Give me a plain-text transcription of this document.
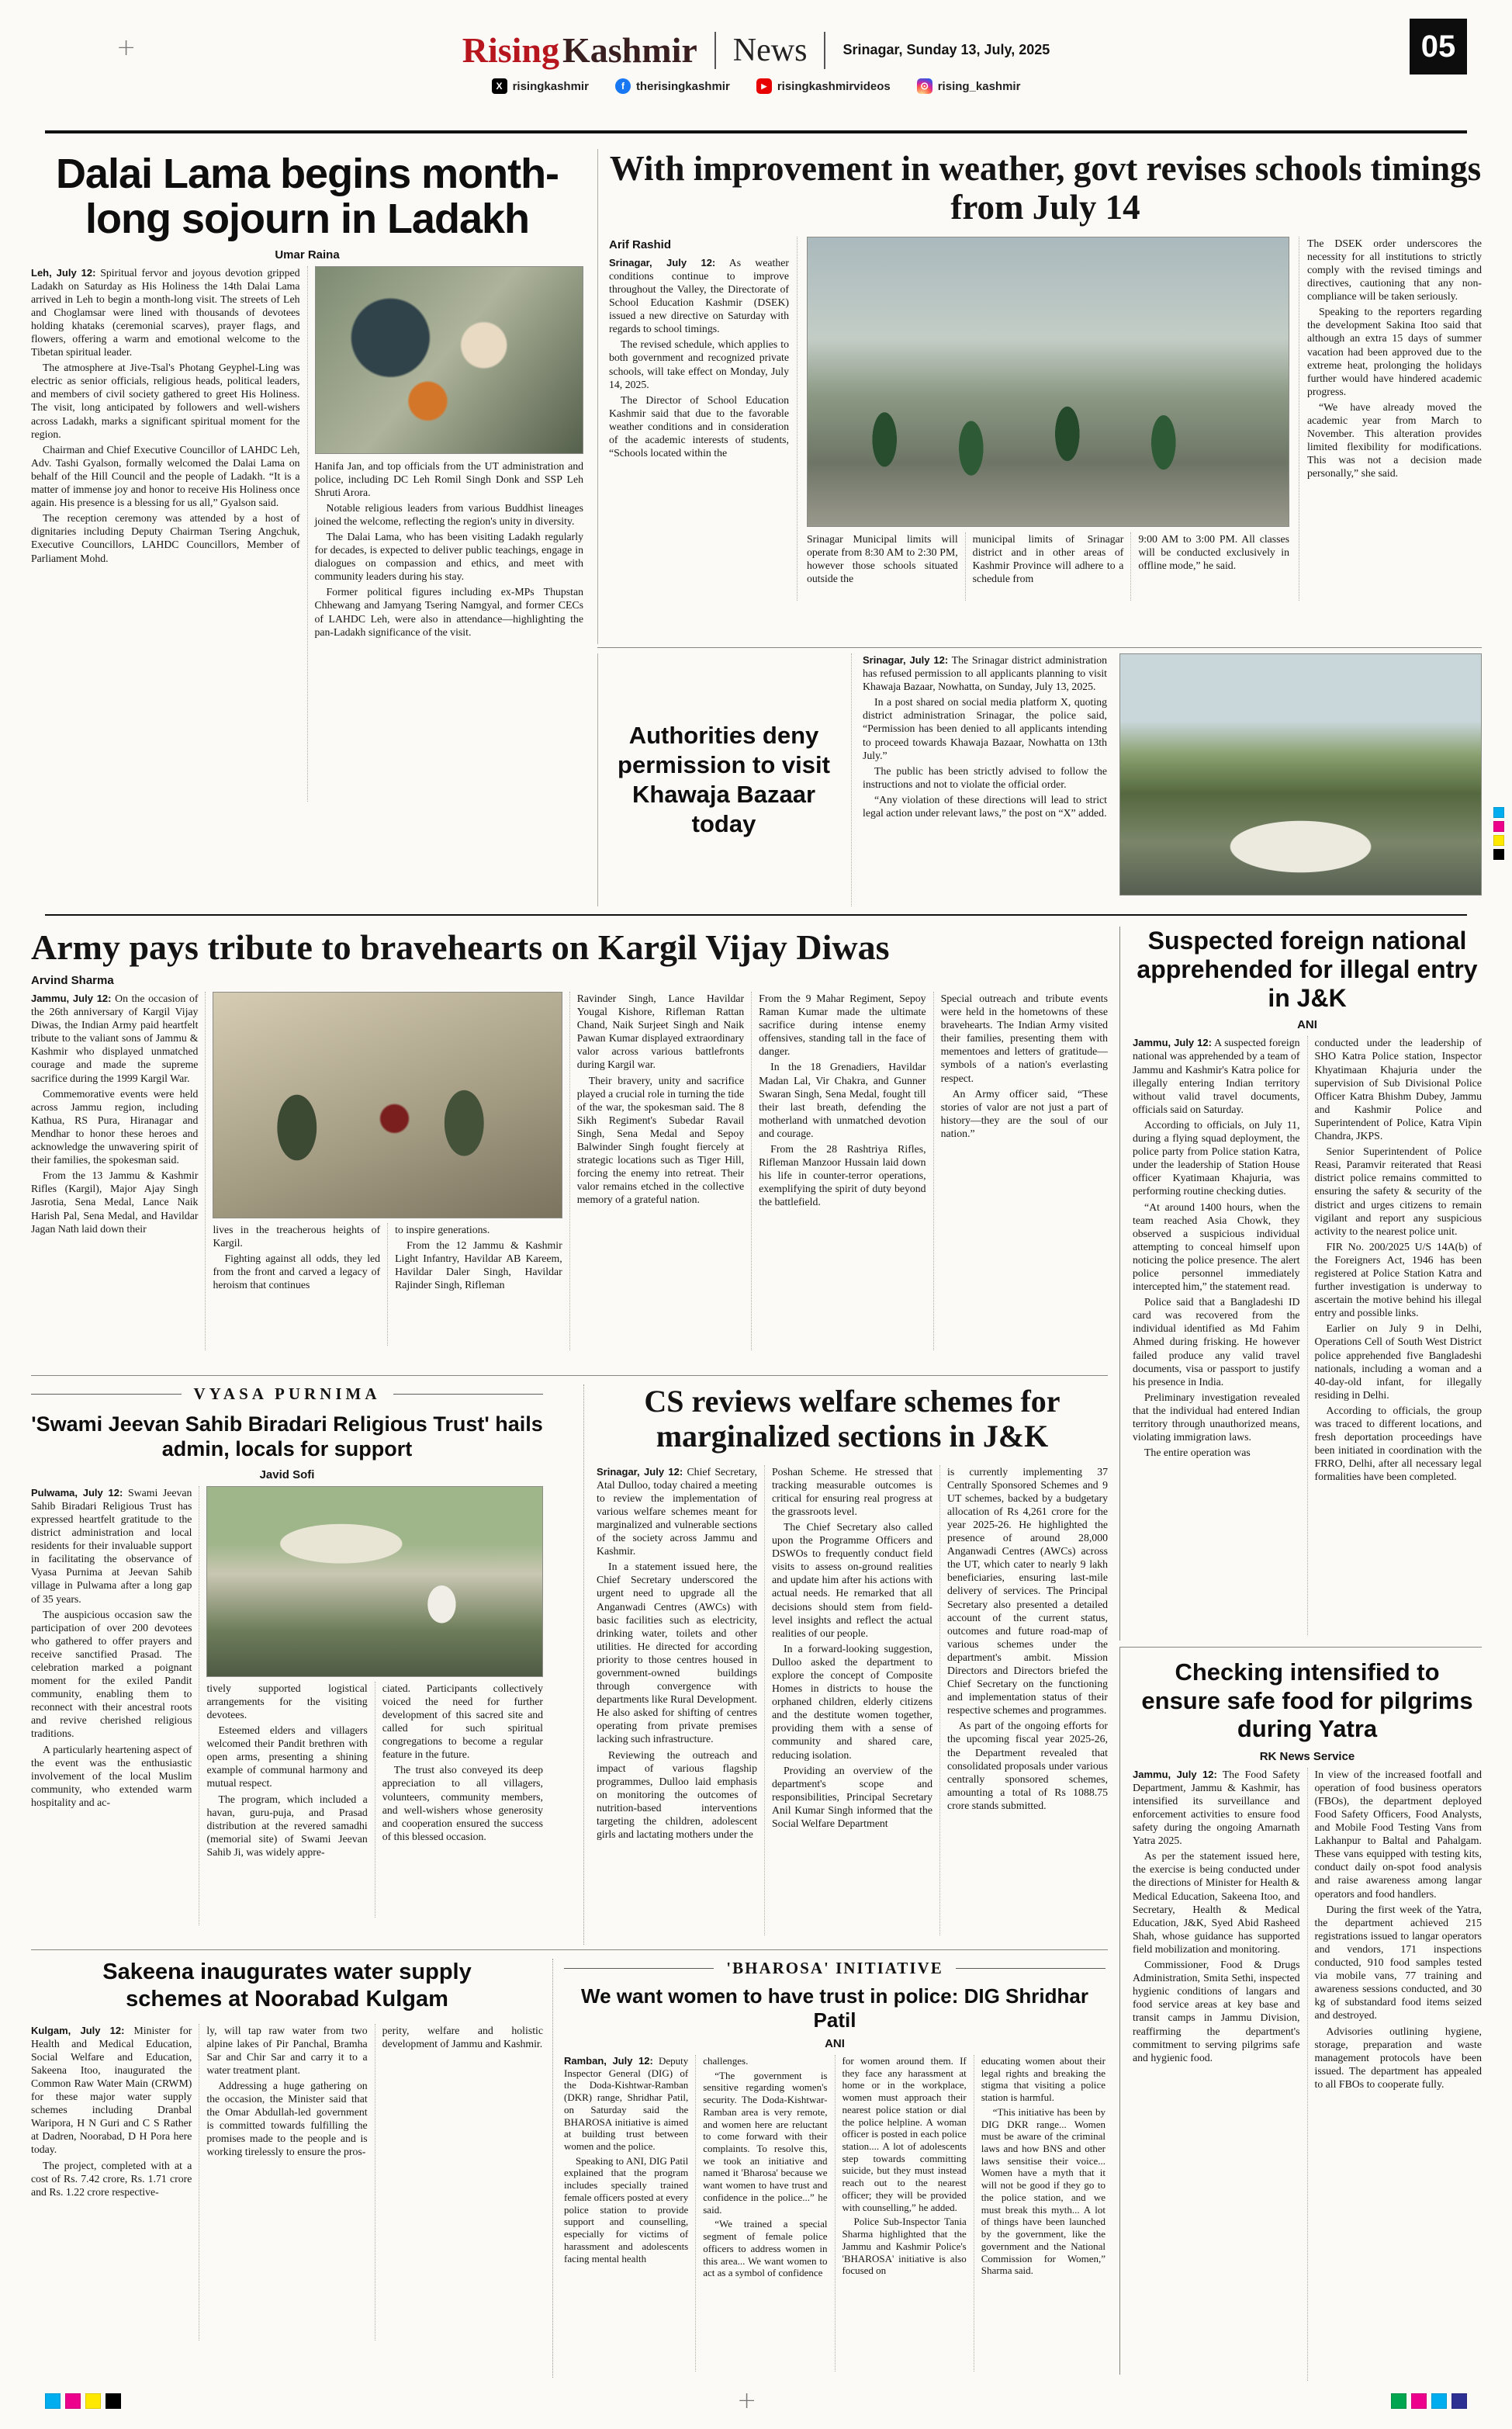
+	Rising Kashmir News	Srinagar, Sunday 13, July, 2025
X risingkashmir	f	therisingkashmir	▶ risingkashmirvideos	⊙ rising_kashmir
05
Dalai Lama begins month-long sojourn in Ladakh
Umar Raina

Leh, July 12: Spiritual fervor and joyous devotion gripped Ladakh on Saturday as His Holiness the 14th Dalai Lama arrived in Leh to begin a month-long visit. The streets of Leh and Choglamsar were lined with thousands of devotees holding khataks (ceremonial scarves), prayer flags, and flowers, offering a warm and emotional welcome to the Tibetan spiritual leader.

The atmosphere at Jive-Tsal's Photang Geyphel-Ling was electric as senior officials, religious heads, political leaders, and members of civil society gathered to greet His Holiness. The visit, long anticipated by followers and well-wishers across Ladakh, marks a significant spiritual moment for the region.

Chairman and Chief Executive Councillor of LAHDC Leh, Adv. Tashi Gyalson, formally welcomed the Dalai Lama on behalf of the Hill Council and the people of Ladakh. “It is a matter of immense joy and honor to receive His Holiness once again. His presence is a blessing for us all,” Gyalson said.

The reception ceremony was attended by a host of dignitaries including Deputy Chairman Tsering Angchuk, Executive Councillors, LAHDC Councillors, Member of Parliament Mohd.

Hanifa Jan, and top officials from the UT administration and police, including DC Leh Romil Singh Donk and SSP Leh Shruti Arora.

Notable religious leaders from various Buddhist lineages joined the welcome, reflecting the region's unity in diversity.

The Dalai Lama, who has been visiting Ladakh regularly for decades, is expected to deliver public teachings, engage in dialogues on compassion and ethics, and meet with community leaders during his stay.

Former political figures including ex-MPs Thupstan Chhewang and Jamyang Tsering Namgyal, and former CECs of LAHDC Leh, were also in attendance—highlighting the pan-Ladakh significance of the visit.

With improvement in weather, govt revises schools timings from July 14
Arif Rashid

Srinagar, July 12: As weather conditions continue to improve throughout the Valley, the Directorate of School Education Kashmir (DSEK) issued a new directive on Saturday with regards to school timings.

The revised schedule, which applies to both government and recognized private schools, will take effect on Monday, July 14, 2025.

The Director of School Education Kashmir said that due to the favorable weather conditions and in consideration of the academic interests of students, “Schools located within the

Srinagar Municipal limits will operate from 8:30 AM to 2:30 PM, however those schools situated outside the

municipal limits of Srinagar district and in other areas of Kashmir Province will adhere to a schedule from

9:00 AM to 3:00 PM. All classes will be conducted exclusively in offline mode,” he said.

The DSEK order underscores the necessity for all institutions to strictly comply with the revised timings and directives, cautioning that any non-compliance will be taken seriously.

Speaking to the reporters regarding the development Sakina Itoo said that although an extra 15 days of summer vacation had been approved due to the extreme heat, prolonging the holidays further would have hindered academic progress.

“We have already moved the academic year from March to November. This alteration provides limited flexibility for modifications. This was not a decision made personally,” she said.

Authorities deny permission to visit Khawaja Bazaar today

Srinagar, July 12: The Srinagar district administration has refused permission to all applicants planning to visit Khawaja Bazaar, Nowhatta, on Sunday, July 13, 2025.

In a post shared on social media platform X, quoting district administration Srinagar, the police said, “Permission has been denied to all applicants intending to proceed towards Khawaja Bazaar, Nowhatta on 13th July.”

The public has been strictly advised to follow the instructions and not to violate the official order.

“Any violation of these directions will lead to strict legal action under relevant laws,” the post on “X” added.

Army pays tribute to bravehearts on Kargil Vijay Diwas
Arvind Sharma

Jammu, July 12: On the occasion of the 26th anniversary of Kargil Vijay Diwas, the Indian Army paid heartfelt tribute to the valiant sons of Jammu & Kashmir who displayed unmatched courage and made the supreme sacrifice during the 1999 Kargil War.

Commemorative events were held across Jammu region, including Kathua, RS Pura, Hiranagar and Mendhar to honor these heroes and acknowledge the unwavering spirit of their families, the spokesman said.

From the 13 Jammu & Kashmir Rifles (Kargil), Major Ajay Singh Jasrotia, Sena Medal, Lance Naik Harish Pal, Sena Medal, and Havildar Jagan Nath laid down their	lives in the treacherous heights of Kargil.

Fighting against all odds, they led from the front and carved a legacy of heroism that continues

to inspire generations.

From the 12 Jammu & Kashmir Light Infantry, Havildar AB Kareem, Havildar Daler Singh, Havildar Rajinder Singh, Rifleman

Ravinder Singh, Lance Havildar Yougal Kishore, Rifleman Rattan Chand, Naik Surjeet Singh and Naik Pawan Kumar displayed extraordinary valor across various battlefronts during Kargil war.

Their bravery, unity and sacrifice played a crucial role in turning the tide of the war, the spokesman said. The 8 Sikh Regiment's Subedar Ravail Singh, Sena Medal and Sepoy Balwinder Singh fought fiercely at strategic locations such as Tiger Hill, forcing the enemy into retreat. Their valor remains etched in the collective memory of a grateful nation.

From the 9 Mahar Regiment, Sepoy Raman Kumar made the ultimate sacrifice during intense enemy offensives, standing tall in the face of danger.

In the 18 Grenadiers, Havildar Madan Lal, Vir Chakra, and Gunner Swaran Singh, Sena Medal, fought till their last breath, defending the motherland with unmatched devotion and courage.

From the 28 Rashtriya Rifles, Rifleman Manzoor Hussain laid down his life in counter-terror operations, exemplifying the spirit of duty beyond the battlefield.

Special outreach and tribute events were held in the hometowns of these bravehearts. The Indian Army visited their families, presenting them with mementoes and letters of gratitude—symbols of a nation's everlasting respect.

An Army officer said, “These stories of valor are not just a part of history—they are the soul of our nation.”

Suspected foreign national apprehended for illegal entry in J&K
ANI

Jammu, July 12: A suspected foreign national was apprehended by a team of Jammu and Kashmir's Katra police for illegally entering Indian territory without valid travel documents, officials said on Saturday.

According to officials, on July 11, during a flying squad deployment, the police party from Police station Katra, under the leadership of Station House officer Kyatimaan Khajuria, was performing routine checking duties.

“At around 1400 hours, when the team reached Asia Chowk, they observed a suspicious individual attempting to conceal himself upon noticing the police presence. The alert police personnel immediately intercepted him,” the statement read.

Police said that a Bangladeshi ID card was recovered from the individual identified as Md Fahim Ahmed during frisking. He however failed produce any valid travel documents, visa or passport to justify his presence in India.

Preliminary investigation revealed that the individual had entered Indian territory through unauthorized means, violating immigration laws.

The entire operation was

conducted under the leadership of SHO Katra Police station, Inspector Khyatimaan Khajuria under the supervision of Sub Divisional Police Officer Katra Bhishm Dubey, Jammu and Kashmir Police and Superintendent of Police, Katra Vipin Chandra, JKPS.

Senior Superintendent of Police Reasi, Paramvir reiterated that Reasi district police remains committed to ensuring the safety & security of the district and urges citizens to remain vigilant and report any suspicious activity to the nearest police unit.

FIR No. 200/2025 U/S 14A(b) of the Foreigners Act, 1946 has been registered at Police Station Katra and further investigation is underway to ascertain the motive behind his illegal entry and possible links.

Earlier on July 9 in Delhi, Operations Cell of South West District police apprehended five Bangladeshi nationals, including a woman and a 40-day-old infant, for illegally residing in Delhi.

According to officials, the group was traced to different locations, and fresh deportation proceedings have been initiated in coordination with the FRRO, Delhi, after all necessary legal formalities have been completed.

VYASA PURNIMA
'Swami Jeevan Sahib Biradari Religious Trust' hails admin, locals for support
Javid Sofi

Pulwama, July 12: Swami Jeevan Sahib Biradari Religious Trust has expressed heartfelt gratitude to the district administration and local residents for their invaluable support in facilitating the observance of Vyasa Purnima at Jeevan Sahib village in Pulwama after a long gap of 35 years.

The auspicious occasion saw the participation of over 200 devotees who gathered to offer prayers and receive sanctified Prasad. The celebration marked a poignant moment for the exiled Pandit community, enabling them to reconnect with their ancestral roots and revive cherished religious traditions.

A particularly heartening aspect of the event was the enthusiastic involvement of the local Muslim community, who extended warm hospitality and ac-

tively supported logistical arrangements for the visiting devotees.

Esteemed elders and villagers welcomed their Pandit brethren with open arms, presenting a shining example of communal harmony and mutual respect.

The program, which included a havan, guru-puja, and Prasad distribution at the revered samadhi (memorial site) of Swami Jeevan Sahib Ji, was widely appre-

ciated. Participants collectively voiced the need for further development of this sacred site and called for such spiritual congregations to become a regular feature in the future.

The trust also conveyed its deep appreciation to all villagers, volunteers, community members, and well-wishers whose generosity and cooperation ensured the success of this blessed occasion.

CS reviews welfare schemes for marginalized sections in J&K

Srinagar, July 12: Chief Secretary, Atal Dulloo, today chaired a meeting to review the implementation of various welfare schemes meant for marginalized and vulnerable sections of the society across Jammu and Kashmir.

In a statement issued here, the Chief Secretary underscored the urgent need to upgrade all the Anganwadi Centres (AWCs) with basic facilities such as electricity, drinking water, toilets and other utilities. He directed for according priority to those centres housed in government-owned buildings through convergence with departments like Rural Development. He also asked for shifting of centres operating from private premises lacking such infrastructure.

Reviewing the outreach and impact of various flagship programmes, Dulloo laid emphasis on monitoring the outcomes of nutrition-based interventions targeting the children, adolescent girls and lactating mothers under the

Poshan Scheme. He stressed that tracking measurable outcomes is critical for ensuring real progress at the grassroots level.

The Chief Secretary also called upon the Programme Officers and DSWOs to frequently conduct field visits to assess on-ground realities and update him after his actions with actual needs. He remarked that all decisions should stem from field-level insights and reflect the actual realities of our people.

In a forward-looking suggestion, Dulloo asked the department to explore the concept of Composite Homes in districts to house the orphaned children, elderly citizens and the destitute women together, providing them with a sense of community and shared care, reducing isolation.

Providing an overview of the department's scope and responsibilities, Principal Secretary Anil Kumar Singh informed that the Social Welfare Department

is currently implementing 37 Centrally Sponsored Schemes and 9 UT schemes, backed by a budgetary allocation of Rs 4,261 crore for the year 2025-26. He highlighted the presence of around 28,000 Anganwadi Centres (AWCs) across the UT, which cater to nearly 9 lakh beneficiaries, ensuring last-mile delivery of services. The Principal Secretary also presented a detailed account of the current status, outcomes and future road-map of various schemes under the department's ambit. Mission Directors and Directors briefed the Chief Secretary on the functioning and implementation status of their respective schemes and programmes.

As part of the ongoing efforts for the upcoming fiscal year 2025-26, the Department revealed that consolidated proposals under various centrally sponsored schemes, amounting a total of Rs 1088.75 crore stands submitted.

Checking intensified to ensure safe food for pilgrims during Yatra
RK News Service

Jammu, July 12: The Food Safety Department, Jammu & Kashmir, has intensified its surveillance and enforcement activities to ensure food safety during the ongoing Amarnath Yatra 2025.

As per the statement issued here, the exercise is being conducted under the directions of Minister for Health & Medical Education, Sakeena Itoo, and Secretary, Health & Medical Education, J&K, Syed Abid Rasheed Shah, whose guidance has supported field mobilization and monitoring.

Commissioner, Food & Drugs Administration, Smita Sethi, inspected hygienic conditions of langars and food service areas at key base and transit camps in Jammu Division, reaffirming the department's commitment to serving pilgrims safe and hygienic food.

In view of the increased footfall and operation of food business operators (FBOs), the department deployed Food Safety Officers, Food Analysts, and Mobile Food Testing Vans from Lakhanpur to Baltal and Pahalgam. These vans equipped with testing kits, conduct daily on-spot food analysis and raise awareness among langar operators and food handlers.

During the first week of the Yatra, the department achieved 215 registrations issued to langar operators and vendors, 171 inspections conducted, 910 food samples tested via mobile vans, 77 training and awareness sessions conducted, and 30 kg of substandard food items seized and destroyed.

Advisories outlining hygiene, storage, preparation and waste management protocols have been issued. The department has appealed to all FBOs to cooperate fully.

Sakeena inaugurates water supply schemes at Noorabad Kulgam

Kulgam, July 12: Minister for Health and Medical Education, Social Welfare and Education, Sakeena Itoo, inaugurated the Common Raw Water Main (CRWM) for these major water supply schemes including Dranbal Waripora, H N Guri and C S Rather at Dadren, Noorabad, D H Pora here today.

The project, completed with at a cost of Rs. 7.42 crore, Rs. 1.71 crore and Rs. 1.22 crore respective-

ly, will tap raw water from two alpine lakes of Pir Panchal, Bramha Sar and Chir Sar and carry it to a water treatment plant.

Addressing a huge gathering on the occasion, the Minister said that the Omar Abdullah-led government is committed towards fulfilling the promises made to the people and is working tirelessly to ensure the pros-

perity, welfare and holistic development of Jammu and Kashmir.

'BHAROSA' INITIATIVE
We want women to have trust in police: DIG Shridhar Patil
ANI

Ramban, July 12: Deputy Inspector General (DIG) of the Doda-Kishtwar-Ramban (DKR) range, Shridhar Patil, on Saturday said the BHAROSA initiative is aimed at building trust between women and the police.

Speaking to ANI, DIG Patil explained that the program includes specially trained female officers posted at every police station to provide support and counselling, especially for victims of harassment and adolescents facing mental health

challenges.

“The government is sensitive regarding women's security. The Doda-Kishtwar-Ramban area is very remote, and women here are reluctant to come forward with their complaints. To resolve this, we took an initiative and named it 'Bharosa' because we want women to have trust and confidence in the police...” he said.

“We trained a special segment of female police officers to address women in this area... We want women to act as a symbol of confidence

for women around them. If they face any harassment at home or in the workplace, women must approach their nearest police station or dial the police helpline. A woman officer is posted in each police station.... A lot of adolescents step towards committing suicide, but they must instead reach out to the nearest officer; they will be provided with counselling,” he added.

Police Sub-Inspector Tania Sharma highlighted that the Jammu and Kashmir Police's 'BHAROSA' initiative is also focused on

educating women about their legal rights and breaking the stigma that visiting a police station is harmful.

“This initiative has been by DIG DKR range... Women must be aware of the criminal laws and how BNS and other laws sensitise their voice... Women have a myth that it will not be good if they go to the police station, and we must break this myth... A lot of things have been launched by the government, like the government and the National Commission for Women,” Sharma said.

+
